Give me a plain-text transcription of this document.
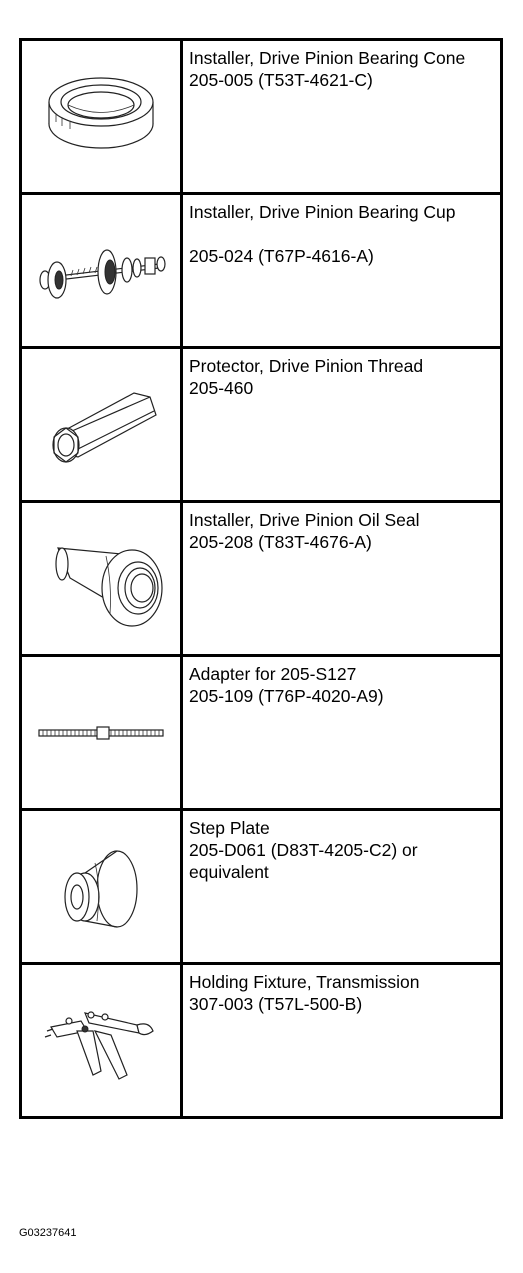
Installer, Drive Pinion Bearing Cone
205-005 (T53T-4621-C)

Installer, Drive Pinion Bearing Cup
205-024 (T67P-4616-A)

Protector, Drive Pinion Thread
205-460

Installer, Drive Pinion Oil Seal
205-208 (T83T-4676-A)

Adapter for 205-S127
205-109 (T76P-4020-A9)

Step Plate
205-D061 (D83T-4205-C2) or equivalent

Holding Fixture, Transmission
307-003 (T57L-500-B)
G03237641
